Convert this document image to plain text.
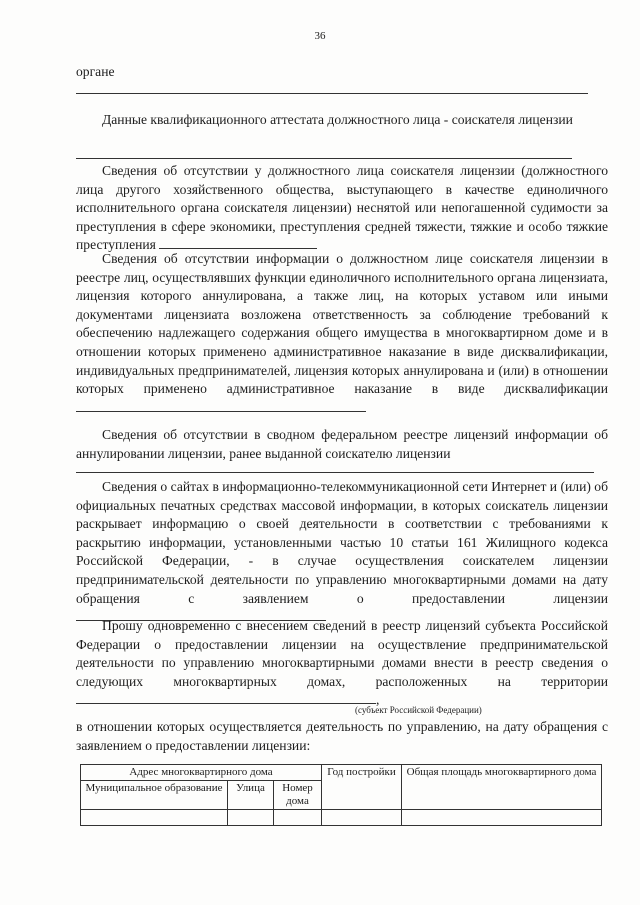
36
органе
Данные квалификационного аттестата должностного лица - соискателя лицензии
Сведения об отсутствии у должностного лица соискателя лицензии (должностного лица другого хозяйственного общества, выступающего в качестве единоличного исполнительного органа соискателя лицензии) неснятой или непогашенной судимости за преступления в сфере экономики, преступления средней тяжести, тяжкие и особо тяжкие преступления
Сведения об отсутствии информации о должностном лице соискателя лицензии в реестре лиц, осуществлявших функции единоличного исполнительного органа лицензиата, лицензия которого аннулирована, а также лиц, на которых уставом или иными документами лицензиата возложена ответственность за соблюдение требований к обеспечению надлежащего содержания общего имущества в многоквартирном доме и в отношении которых применено административное наказание в виде дисквалификации, индивидуальных предпринимателей, лицензия которых аннулирована и (или) в отношении которых применено административное наказание в виде дисквалификации
Сведения об отсутствии в сводном федеральном реестре лицензий информации об аннулировании лицензии, ранее выданной соискателю лицензии
Сведения о сайтах в информационно-телекоммуникационной сети Интернет и (или) об официальных печатных средствах массовой информации, в которых соискатель лицензии раскрывает информацию о своей деятельности в соответствии с требованиями к раскрытию информации, установленными частью 10 статьи 161 Жилищного кодекса Российской Федерации, - в случае осуществления соискателем лицензии предпринимательской деятельности по управлению многоквартирными домами на дату обращения с заявлением о предоставлении лицензии
Прошу одновременно с внесением сведений в реестр лицензий субъекта Российской Федерации о предоставлении лицензии на осуществление предпринимательской деятельности по управлению многоквартирными домами внести в реестр сведения о следующих многоквартирных домах, расположенных на территории ,
(субъект Российской Федерации)
в отношении которых осуществляется деятельность по управлению, на дату обращения с заявлением о предоставлении лицензии:
Адрес многоквартирного дома			Год постройки	Общая площадь многоквартирного дома
Муниципальное образование	Улица	Номер дома		
